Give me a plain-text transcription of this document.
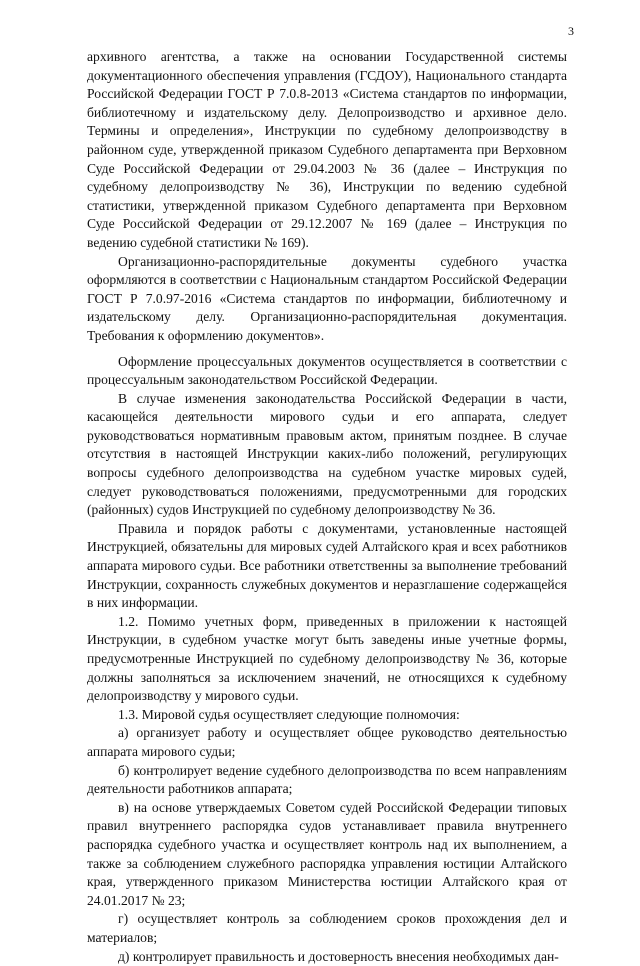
3

архивного агентства, а также на основании Государственной системы документационного обеспечения управления (ГСДОУ), Национального стандарта Российской Федерации ГОСТ Р 7.0.8-2013 «Система стандартов по информации, библиотечному и издательскому делу. Делопроизводство и архивное дело. Термины и определения», Инструкции по судебному делопроизводству в районном суде, утвержденной приказом Судебного департамента при Верховном Суде Российской Федерации от 29.04.2003 № 36 (далее – Инструкция по судебному делопроизводству № 36), Инструкции по ведению судебной статистики, утвержденной приказом Судебного департамента при Верховном Суде Российской Федерации от 29.12.2007 № 169 (далее – Инструкция по ведению судебной статистики № 169).

Организационно-распорядительные документы судебного участка оформляются в соответствии с Национальным стандартом Российской Федерации ГОСТ Р 7.0.97-2016 «Система стандартов по информации, библиотечному и издательскому делу. Организационно-распорядительная документация. Требования к оформлению документов».

Оформление процессуальных документов осуществляется в соответствии с процессуальным законодательством Российской Федерации.

В случае изменения законодательства Российской Федерации в части, касающейся деятельности мирового судьи и его аппарата, следует руководствоваться нормативным правовым актом, принятым позднее. В случае отсутствия в настоящей Инструкции каких-либо положений, регулирующих вопросы судебного делопроизводства на судебном участке мировых судей, следует руководствоваться положениями, предусмотренными для городских (районных) судов Инструкцией по судебному делопроизводству № 36.

Правила и порядок работы с документами, установленные настоящей Инструкцией, обязательны для мировых судей Алтайского края и всех работников аппарата мирового судьи. Все работники ответственны за выполнение требований Инструкции, сохранность служебных документов и неразглашение содержащейся в них информации.

1.2. Помимо учетных форм, приведенных в приложении к настоящей Инструкции, в судебном участке могут быть заведены иные учетные формы, предусмотренные Инструкцией по судебному делопроизводству № 36, которые должны заполняться за исключением значений, не относящихся к судебному делопроизводству у мирового судьи.

1.3. Мировой судья осуществляет следующие полномочия:

а) организует работу и осуществляет общее руководство деятельностью аппарата мирового судьи;

б) контролирует ведение судебного делопроизводства по всем направлениям деятельности работников аппарата;

в) на основе утверждаемых Советом судей Российской Федерации типовых правил внутреннего распорядка судов устанавливает правила внутреннего распорядка судебного участка и осуществляет контроль над их выполнением, а также за соблюдением служебного распорядка управления юстиции Алтайского края, утвержденного приказом Министерства юстиции Алтайского края от 24.01.2017 № 23;

г) осуществляет контроль за соблюдением сроков прохождения дел и материалов;

д) контролирует правильность и достоверность внесения необходимых дан-
